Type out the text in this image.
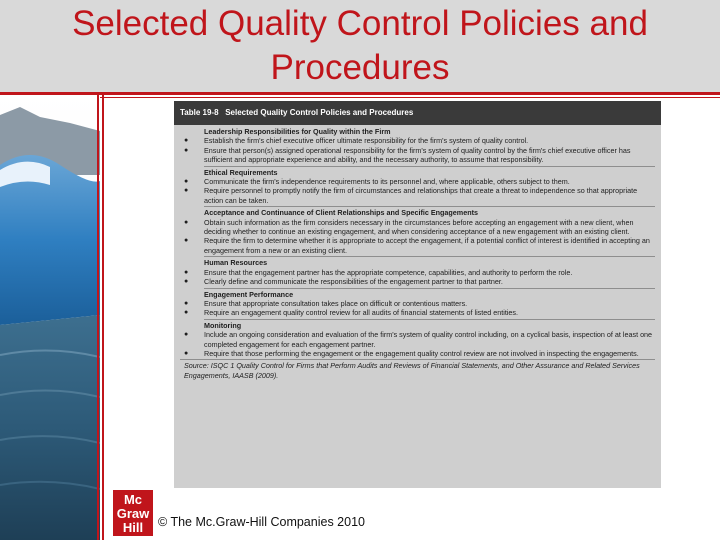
Selected Quality Control Policies and Procedures
Table 19-8 Selected Quality Control Policies and Procedures
Leadership Responsibilities for Quality within the Firm
● Establish the firm's chief executive officer ultimate responsibility for the firm's system of quality control.
● Ensure that person(s) assigned operational responsibility for the firm's system of quality control by the firm's chief executive officer has sufficient and appropriate experience and ability, and the necessary authority, to assume that responsibility.
Ethical Requirements
● Communicate the firm's independence requirements to its personnel and, where applicable, others subject to them.
● Require personnel to promptly notify the firm of circumstances and relationships that create a threat to independence so that appropriate action can be taken.
Acceptance and Continuance of Client Relationships and Specific Engagements
● Obtain such information as the firm considers necessary in the circumstances before accepting an engagement with a new client, when deciding whether to continue an existing engagement, and when considering acceptance of a new engagement with an existing client.
● Require the firm to determine whether it is appropriate to accept the engagement, if a potential conflict of interest is identified in accepting an engagement from a new or an existing client.
Human Resources
● Ensure that the engagement partner has the appropriate competence, capabilities, and authority to perform the role.
● Clearly define and communicate the responsibilities of the engagement partner to that partner.
Engagement Performance
● Ensure that appropriate consultation takes place on difficult or contentious matters.
● Require an engagement quality control review for all audits of financial statements of listed entities.
Monitoring
● Include an ongoing consideration and evaluation of the firm's system of quality control including, on a cyclical basis, inspection of at least one completed engagement for each engagement partner.
● Require that those performing the engagement or the engagement quality control review are not involved in inspecting the engagements.
Source: ISQC 1 Quality Control for Firms that Perform Audits and Reviews of Financial Statements, and Other Assurance and Related Services Engagements, IAASB (2009).
Mc
Graw
Hill	© The Mc.Graw-Hill Companies 2010
